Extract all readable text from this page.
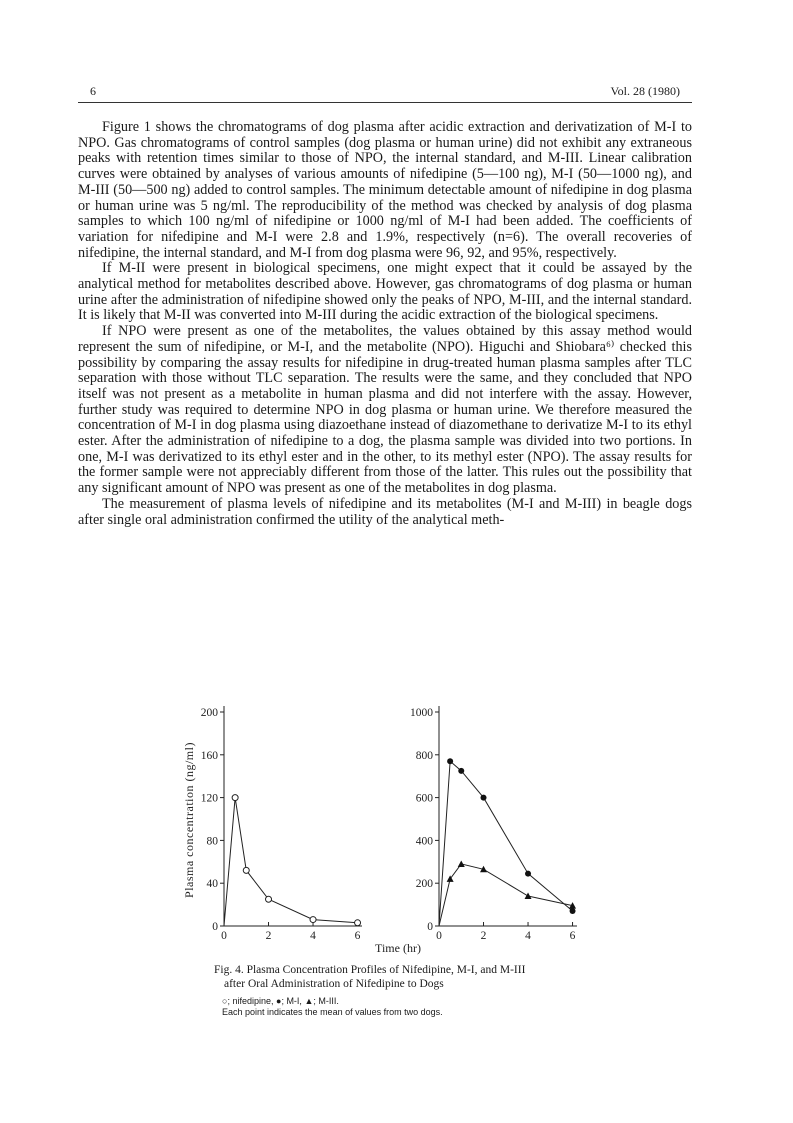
6	Vol. 28 (1980)

Figure 1 shows the chromatograms of dog plasma after acidic extraction and derivatization of M-I to NPO. Gas chromatograms of control samples (dog plasma or human urine) did not exhibit any extraneous peaks with retention times similar to those of NPO, the internal standard, and M-III. Linear calibration curves were obtained by analyses of various amounts of nifedipine (5—100 ng), M-I (50—1000 ng), and M-III (50—500 ng) added to control samples. The minimum detectable amount of nifedipine in dog plasma or human urine was 5 ng/ml. The reproducibility of the method was checked by analysis of dog plasma samples to which 100 ng/ml of nifedipine or 1000 ng/ml of M-I had been added. The coefficients of variation for nifedipine and M-I were 2.8 and 1.9%, respectively (n=6). The overall recoveries of nifedipine, the internal standard, and M-I from dog plasma were 96, 92, and 95%, respectively.

If M-II were present in biological specimens, one might expect that it could be assayed by the analytical method for metabolites described above. However, gas chromatograms of dog plasma or human urine after the administration of nifedipine showed only the peaks of NPO, M-III, and the internal standard. It is likely that M-II was converted into M-III during the acidic extraction of the biological specimens.

If NPO were present as one of the metabolites, the values obtained by this assay method would represent the sum of nifedipine, or M-I, and the metabolite (NPO). Higuchi and Shiobara⁶⁾ checked this possibility by comparing the assay results for nifedipine in drug-treated human plasma samples after TLC separation with those without TLC separation. The results were the same, and they concluded that NPO itself was not present as a metabolite in human plasma and did not interfere with the assay. However, further study was required to determine NPO in dog plasma or human urine. We therefore measured the concentration of M-I in dog plasma using diazoethane instead of diazomethane to derivatize M-I to its ethyl ester. After the administration of nifedipine to a dog, the plasma sample was divided into two portions. In one, M-I was derivatized to its ethyl ester and in the other, to its methyl ester (NPO). The assay results for the former sample were not appreciably different from those of the latter. This rules out the possibility that any significant amount of NPO was present as one of the metabolites in dog plasma.

The measurement of plasma levels of nifedipine and its metabolites (M-I and M-III) in beagle dogs after single oral administration confirmed the utility of the analytical meth-

0
40
80
120
160
200
0	2	4	6
0
200
400
600
800
1000
0	2	4	6
Plasma concentration (ng/ml)
Time (hr)
Fig. 4. Plasma Concentration Profiles of Nifedipine, M-I, and M-III
after Oral Administration of Nifedipine to Dogs
○; nifedipine, ●; M-I, ▲; M-III.
Each point indicates the mean of values from two dogs.
